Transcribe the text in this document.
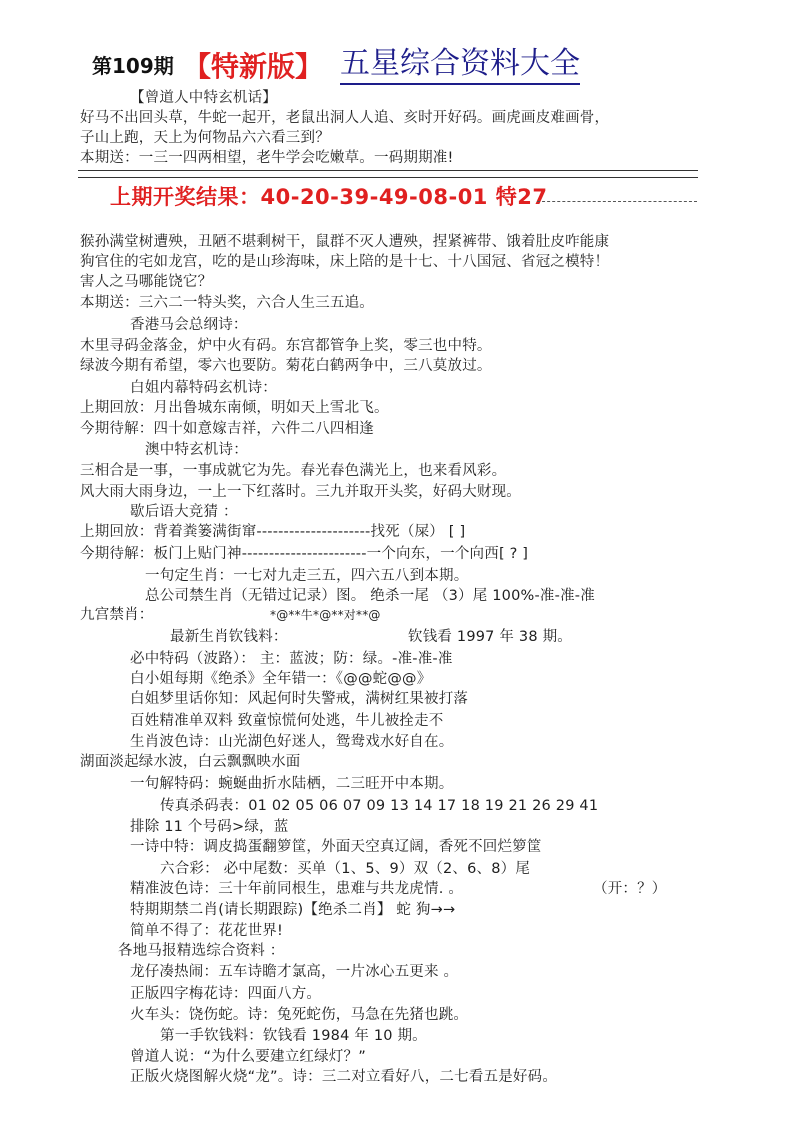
第109期 【特新版】 五星综合资料大全
【曾道人中特玄机话】
好马不出回头草，牛蛇一起开，老鼠出洞人人追、亥时开好码。画虎画皮难画骨，
子山上跑，天上为何物品六六看三到？
本期送：一三一四两相望，老牛学会吃嫩草。一码期期准!
上期开奖结果：40-20-39-49-08-01 特27
猴孙满堂树遭殃，丑陋不堪剩树干，鼠群不灭人遭殃，捏紧裤带、饿着肚皮咋能康
狗官住的宅如龙宫，吃的是山珍海味，床上陪的是十七、十八国冠、省冠之模特！
害人之马哪能饶它？
本期送：三六二一特头奖，六合人生三五追。
香港马会总纲诗：
木里寻码金落金，炉中火有码。东宫都管争上奖，零三也中特。
绿波今期有希望，零六也要防。菊花白鹤两争中，三八莫放过。
白姐内幕特码玄机诗：
上期回放：月出鲁城东南倾，明如天上雪北飞。
今期待解：四十如意嫁吉祥，六件二八四相逢
澳中特玄机诗：
三相合是一事，一事成就它为先。春光春色满光上，也来看风彩。
风大雨大雨身边，一上一下红落时。三九并取开头奖，好码大财现。
歇后语大竞猜 ：
上期回放：背着粪篓满街窜---------------------找死（屎） [ ]
今期待解：板门上贴门神-----------------------一个向东，一个向西[ ? ]
一句定生肖：一七对九走三五，四六五八到本期。
总公司禁生肖（无错过记录）图。 绝杀一尾 （3）尾 100%-准-准-准
九宫禁肖：	*@**牛*@**对**@
最新生肖钦钱料：	钦钱看 1997 年 38 期。
必中特码（波路）： 主：蓝波；防：绿。-准-准-准
白小姐每期《绝杀》全年错一：《@@蛇@@》
白姐梦里话你知：风起何时失警戒，满树红果被打落
百姓精准单双料 致童惊慌何处逃，牛儿被拴走不
生肖波色诗：山光湖色好迷人，鸳鸯戏水好自在。
湖面淡起绿水波，白云飘飘映水面
一句解特码：蜿蜒曲折水陆栖，二三旺开中本期。
传真杀码表：01 02 05 06 07 09 13 14 17 18 19 21 26 29 41
排除 11 个号码>绿，蓝
一诗中特：调皮捣蛋翻箩筐，外面天空真辽阔，香死不回烂箩筐
六合彩： 必中尾数：买单（1、5、9）双（2、6、8）尾
精准波色诗：三十年前同根生，患难与共龙虎情. 。	（开：？）
特期期禁二肖(请长期跟踪)【绝杀二肖】 蛇 狗→→
简单不得了：花花世界!
各地马报精选综合资料 ：
龙仔凑热闹：五车诗瞻才氯高，一片冰心五更来 。
正版四字梅花诗：四面八方。
火车头：饶伤蛇。诗：兔死蛇伤，马急在先猪也跳。
第一手钦钱料：钦钱看 1984 年 10 期。
曾道人说：“为什么要建立红绿灯？”
正版火烧图解火烧“龙”。诗：三二对立看好八，二七看五是好码。
